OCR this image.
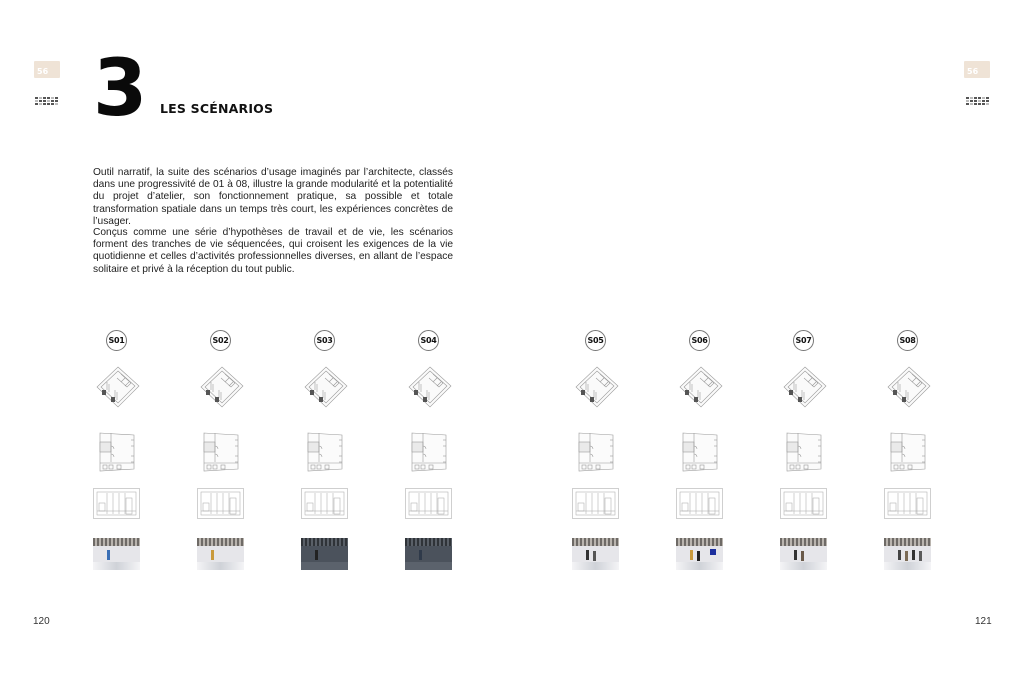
56	56
3 LES SCÉNARIOS
Outil narratif, la suite des scénarios d’usage imaginés par l’architecte, classés dans une progressivité de 01 à 08, illustre la grande modularité et la potentialité du projet d’atelier, son fonctionnement pratique, sa possible et totale transformation spatiale dans un temps très court, les expériences concrètes de l’usager.
Conçus comme une série d’hypothèses de travail et de vie, les scénarios forment des tranches de vie séquencées, qui croisent les exigences de la vie quotidienne et celles d’activités professionnelles diverses, en allant de l’espace solitaire et privé à la réception du tout public.
S01	S02	S03	S04	S05	S06	S07	S08
120	121
